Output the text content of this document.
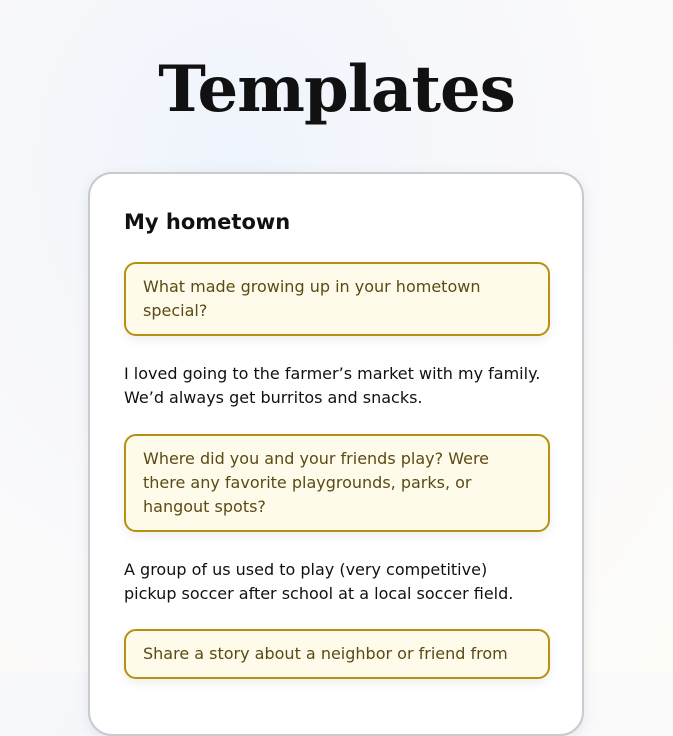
Templates
My hometown
What made growing up in your hometown special?
I loved going to the farmer’s market with my family. We’d always get burritos and snacks.
Where did you and your friends play? Were there any favorite playgrounds, parks, or hangout spots?
A group of us used to play (very competitive) pickup soccer after school at a local soccer field.
Share a story about a neighbor or friend from
